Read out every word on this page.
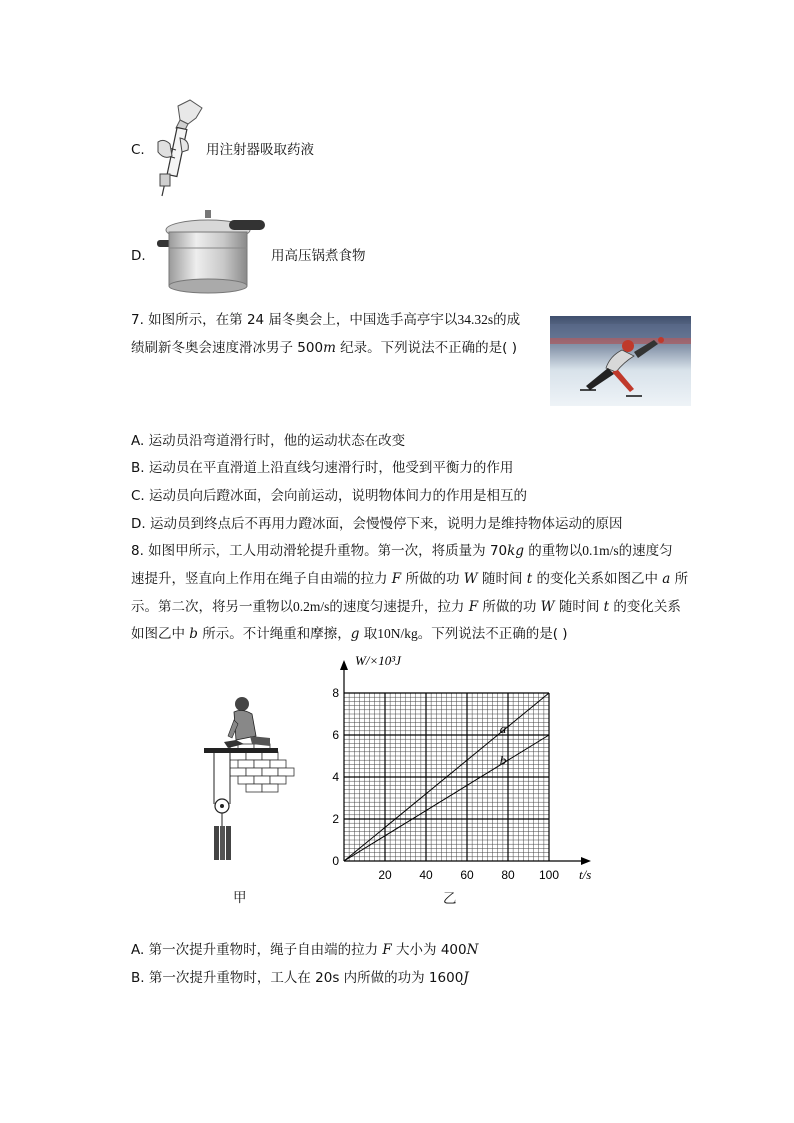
C.	用注射器吸取药液
D.	用高压锅煮食物
7. 如图所示，在第 24 届冬奥会上，中国选手高亭宇以34.32s的成
绩刷新冬奥会速度滑冰男子 500m 纪录。下列说法不正确的是( )
A. 运动员沿弯道滑行时，他的运动状态在改变
B. 运动员在平直滑道上沿直线匀速滑行时，他受到平衡力的作用
C. 运动员向后蹬冰面，会向前运动，说明物体间力的作用是相互的
D. 运动员到终点后不再用力蹬冰面，会慢慢停下来，说明力是维持物体运动的原因
8. 如图甲所示，工人用动滑轮提升重物。第一次，将质量为 70kg 的重物以0.1m/s的速度匀
速提升，竖直向上作用在绳子自由端的拉力 F 所做的功 W 随时间 t 的变化关系如图乙中 a 所
示。第二次，将另一重物以0.2m/s的速度匀速提升，拉力 F 所做的功 W 随时间 t 的变化关系
如图乙中 b 所示。不计绳重和摩擦，g 取10N/kg。下列说法不正确的是( )
甲
a
b
20 40 60 80 100
0
2
4
6
8
W/×10³J
t/s
乙
A. 第一次提升重物时，绳子自由端的拉力 F 大小为 400N
B. 第一次提升重物时，工人在 20s 内所做的功为 1600J
